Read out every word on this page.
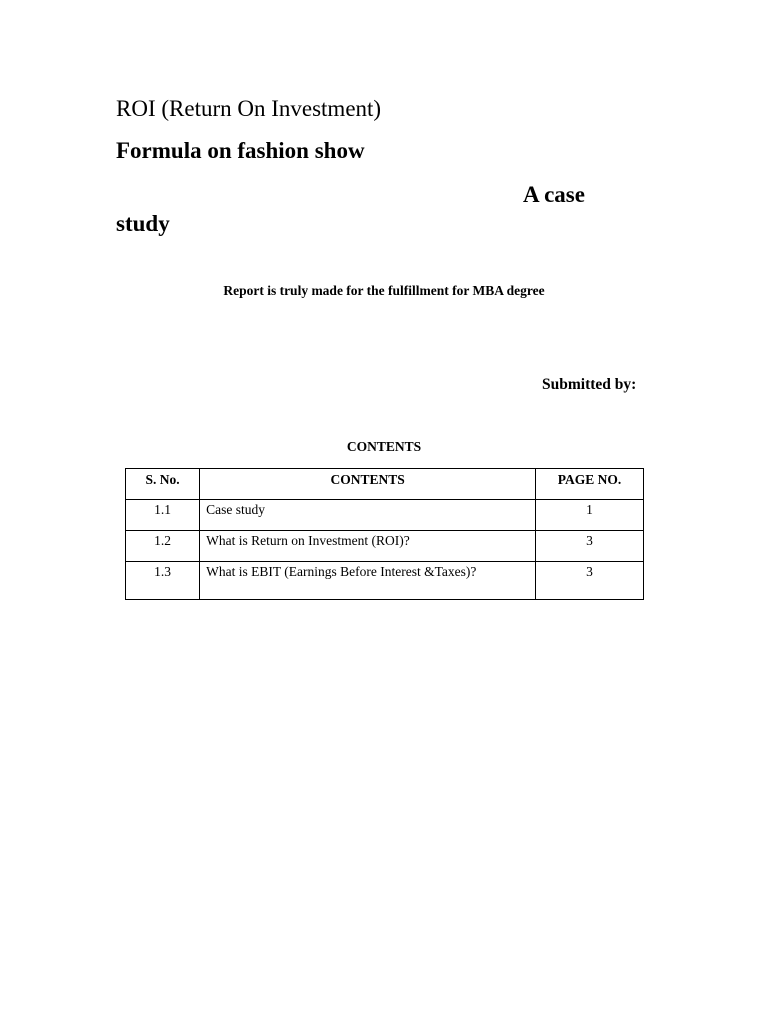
ROI (Return On Investment)
Formula on fashion show
A case
study
Report is truly made for the fulfillment for MBA degree
Submitted by:
CONTENTS
S. No.	CONTENTS	PAGE NO.
1.1	Case study	1
1.2	What is Return on Investment (ROI)?	3
1.3	What is EBIT (Earnings Before Interest &Taxes)?	3
